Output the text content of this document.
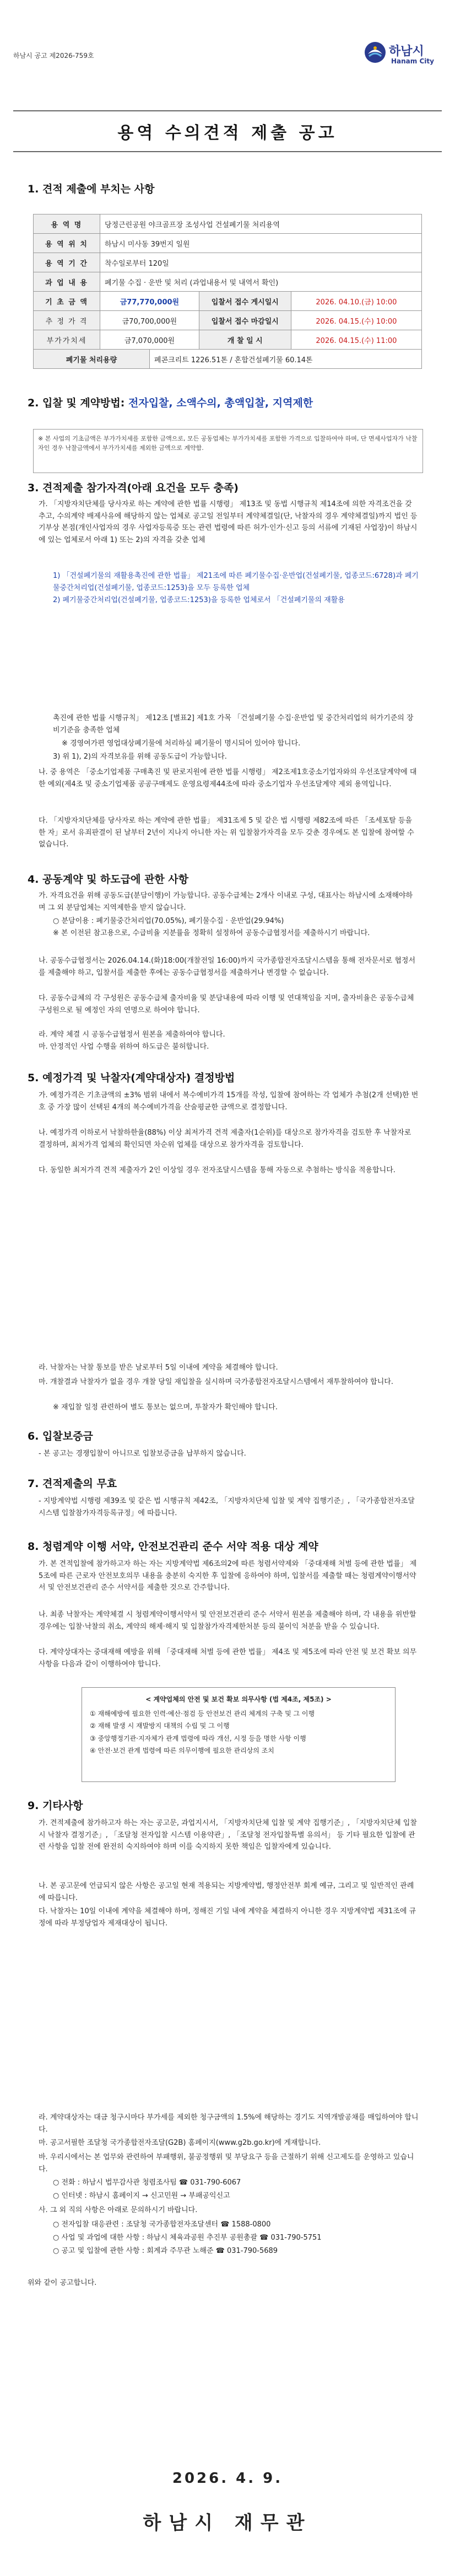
하남시 공고 제2026-759호	하남시
Hanam City
용역 수의견적 제출 공고
1. 견적 제출에 부치는 사항
용 역 명	당정근린공원 야크골프장 조성사업 건설폐기물 처리용역			
용 역 위 치	하남시 미사동 39번지 일원			
용 역 기 간	착수일로부터 120일			
과 업 내 용	폐기물 수집 · 운반 및 처리 (과업내용서 및 내역서 확인)			
기 초 금 액	금77,770,000원		입찰서 접수 게시일시	2026. 04.10.(금) 10:00
추 정 가 격	금70,700,000원		입찰서 접수 마감일시	2026. 04.15.(수) 10:00
부가가치세	금7,070,000원		개 찰 일 시	2026. 04.15.(수) 11:00
폐기물 처리용량		폐콘크리트 1226.51톤 / 혼합건설폐기물 60.14톤		
2. 입찰 및 계약방법: 전자입찰, 소액수의, 총액입찰, 지역제한
※ 본 사업의 기초금액은 부가가치세를 포함한 금액으로, 모든 공동업체는 부가가치세를 포함한 가격으로 입찰하여야 하며, 단 면세사업자가 낙찰자인 경우 낙찰금액에서 부가가치세를 제외한 금액으로 계약함.
3. 견적제출 참가자격(아래 요건을 모두 충족)
가. 「지방자치단체를 당사자로 하는 계약에 관한 법률 시행령」 제13조 및 동법 시행규칙 제14조에 의한 자격조건을 갖추고, 수의계약 배제사유에 해당하지 않는 업체로 공고일 전일부터 계약체결일(단, 낙찰자의 경우 계약체결일)까지 법인 등기부상 본점(개인사업자의 경우 사업자등록증 또는 관련 법령에 따른 허가·인가·신고 등의 서류에 기재된 사업장)이 하남시에 있는 업체로서 아래 1) 또는 2)의 자격을 갖춘 업체
1) 「건설폐기물의 재활용촉진에 관한 법률」 제21조에 따른 폐기물수집·운반업(건설폐기물, 업종코드:6728)과 폐기물중간처리업(건설폐기물, 업종코드:1253)을 모두 등록한 업체
2) 폐기물중간처리업(건설폐기물, 업종코드:1253)을 등록한 업체로서 「건설폐기물의 재활용
촉진에 관한 법률 시행규칙」 제12조 [별표2] 제1호 가목 「건설폐기물 수집·운반업 및 중간처리업의 허가기준의 장비기준을 충족한 업체
※ 경영여가편 영업대상폐기물에 처리하실 폐기물이 명시되어 있어야 합니다.
3) 위 1), 2)의 자격보유를 위해 공동도급이 가능합니다.
나. 중 용역은 「중소기업제품 구매촉진 및 판로지원에 관한 법률 시행령」 제2조제1호중소기업자와의 우선조달계약에 대한 예외(제4조 및 중소기업제품 공공구매제도 운영요령제44조에 따라 중소기업자 우선조달계약 제외 용역입니다.
다. 「지방자치단체를 당사자로 하는 계약에 관한 법률」 제31조제 5 및 같은 법 시행령 제82조에 따른 「조세포탈 등을 한 자」로서 유죄판결이 된 날부터 2년이 지나지 아니한 자는 위 입찰참가자격을 모두 갖춘 경우에도 본 입찰에 참여할 수 없습니다.
4. 공동계약 및 하도급에 관한 사항
가. 자격요건을 위해 공동도급(분담이행)이 가능합니다. 공동수급체는 2개사 이내로 구성, 대표사는 하남시에 소재해야하며 그 외 분담업체는 지역제한을 받지 않습니다.
○ 분담이용 : 폐기물중간처리업(70.05%), 폐기물수집 · 운반업(29.94%)
※ 본 이전된 참고용으로, 수급비율 지분률을 정확히 설정하여 공동수급협정서를 제출하시기 바랍니다.
나. 공동수급협정서는 2026.04.14.(화)18:00(개찰전일 16:00)까지 국가종합전자조달시스템을 통해 전자문서로 협정서를 제출해야 하고, 입찰서를 제출한 후에는 공동수급협정서를 제출하거나 변경할 수 없습니다.
다. 공동수급체의 각 구성원은 공동수급체 출자비율 및 분담내용에 따라 이행 및 연대책임을 지며, 출자비율은 공동수급체 구성원으로 될 예정인 자의 연명으로 하여야 합니다.
라. 계약 체결 시 공동수급협정서 원본을 제출하여야 합니다.
마. 안정적인 사업 수행을 위하여 하도급은 불허합니다.
5. 예정가격 및 낙찰자(계약대상자) 결정방법
가. 예정가격은 기초금액의 ±3% 범위 내에서 복수예비가격 15개를 작성, 입찰에 참여하는 각 업체가 추첨(2개 선택)한 번호 중 가장 많이 선택된 4개의 복수예비가격을 산술평균한 금액으로 결정합니다.
나. 예정가격 이하로서 낙찰하한율(88%) 이상 최저가격 견적 제출자(1순위)를 대상으로 참가자격을 검토한 후 낙찰자로 결정하며, 최저가격 업체의 확인되면 차순위 업체를 대상으로 참가자격을 검토합니다.
다. 동일한 최저가격 견적 제출자가 2인 이상일 경우 전자조달시스템을 통해 자동으로 추첨하는 방식을 적용합니다.
라. 낙찰자는 낙찰 통보를 받은 날로부터 5일 이내에 계약을 체결해야 합니다.
마. 개찰결과 낙찰자가 없을 경우 개찰 당일 재입찰을 실시하며 국가종합전자조달시스템에서 재투찰하여야 합니다.
※ 재입찰 일정 관련하여 별도 통보는 없으며, 투찰자가 확인해야 합니다.
6. 입찰보증금
- 본 공고는 경쟁입찰이 아니므로 입찰보증금을 납부하지 않습니다.
7. 견적제출의 무효
- 지방계약법 시행령 제39조 및 같은 법 시행규칙 제42조, 「지방자치단체 입찰 및 계약 집행기준」, 「국가종합전자조달시스템 입찰참가자격등록규정」에 따릅니다.
8. 청렴계약 이행 서약, 안전보건관리 준수 서약 적용 대상 계약
가. 본 견적입찰에 참가하고자 하는 자는 지방계약법 제6조의2에 따른 청렴서약제와 「중대재해 처벌 등에 관한 법률」 제5조에 따른 근로자 안전보호의무 내용을 충분히 숙지한 후 입찰에 응하여야 하며, 입찰서를 제출할 때는 청렴계약이행서약서 및 안전보건관리 준수 서약서를 제출한 것으로 간주합니다.
나. 최종 낙찰자는 계약체결 시 청렴계약이행서약서 및 안전보건관리 준수 서약서 원본을 제출해야 하며, 각 내용을 위반할 경우에는 입찰·낙찰의 취소, 계약의 해제·해지 및 입찰참가자격제한처분 등의 불이익 처분을 받을 수 있습니다.
다. 계약상대자는 중대재해 예방을 위해 「중대재해 처벌 등에 관한 법률」 제4조 및 제5조에 따라 안전 및 보건 확보 의무사항을 다음과 같이 이행하여야 합니다.
< 계약업체의 안전 및 보건 확보 의무사항 (법 제4조, 제5조) >
① 재해예방에 필요한 인력·예산·점검 등 안전보건 관리 체계의 구축 및 그 이행
② 재해 발생 시 재발방지 대책의 수립 및 그 이행
③ 중앙행정기관·지자체가 관계 법령에 따라 개선, 시정 등을 명한 사항 이행
④ 안전·보건 관계 법령에 따른 의무이행에 필요한 관리상의 조치
9. 기타사항
가. 견적제출에 참가하고자 하는 자는 공고문, 과업지시서, 「지방자치단체 입찰 및 계약 집행기준」, 「지방자치단체 입찰 시 낙찰자 결정기준」, 「조달청 전자입찰 시스템 이용약관」, 「조달청 전자입찰특별 유의서」 등 기타 필요한 입찰에 관련 사항을 입찰 전에 완전히 숙지하여야 하며 이를 숙지하지 못한 책임은 입찰자에게 있습니다.
나. 본 공고문에 언급되지 않은 사항은 공고일 현재 적용되는 지방계약법, 행정안전부 회계 예규, 그리고 및 일반적인 관례에 따릅니다.
다. 낙찰자는 10일 이내에 계약을 체결해야 하며, 정해진 기일 내에 계약을 체결하지 아니한 경우 지방계약법 제31조에 규정에 따라 부정당업자 제재대상이 됩니다.
라. 계약대상자는 대금 청구시마다 부가세를 제외한 청구금액의 1.5%에 해당하는 경기도 지역개발공채를 매입하여야 합니다.
마. 공고서필한 조달청 국가종합전자조달(G2B) 홈페이지(www.g2b.go.kr)에 게재합니다.
바. 우리시에서는 본 업무와 관련하여 부패행위, 불공정행위 및 부당요구 등을 근절하기 위해 신고제도를 운영하고 있습니다.
○ 전화 : 하남시 법무감사관 청렴조사팀 ☎ 031-790-6067
○ 인터넷 : 하남시 홈페이지 → 신고민원 → 부패공익신고
사. 그 외 직의 사항은 아래로 문의하시기 바랍니다.
○ 전자입찰 대응관련 : 조달청 국가종합전자조달센터 ☎ 1588-0800
○ 사업 및 과업에 대한 사항 : 하남시 체육과공원 추진부 공원총괄 ☎ 031-790-5751
○ 공고 및 입찰에 관한 사항 : 회계과 주무관 노해준 ☎ 031-790-5689
위와 같이 공고합니다.
2026. 4. 9.
하남시 재무관
